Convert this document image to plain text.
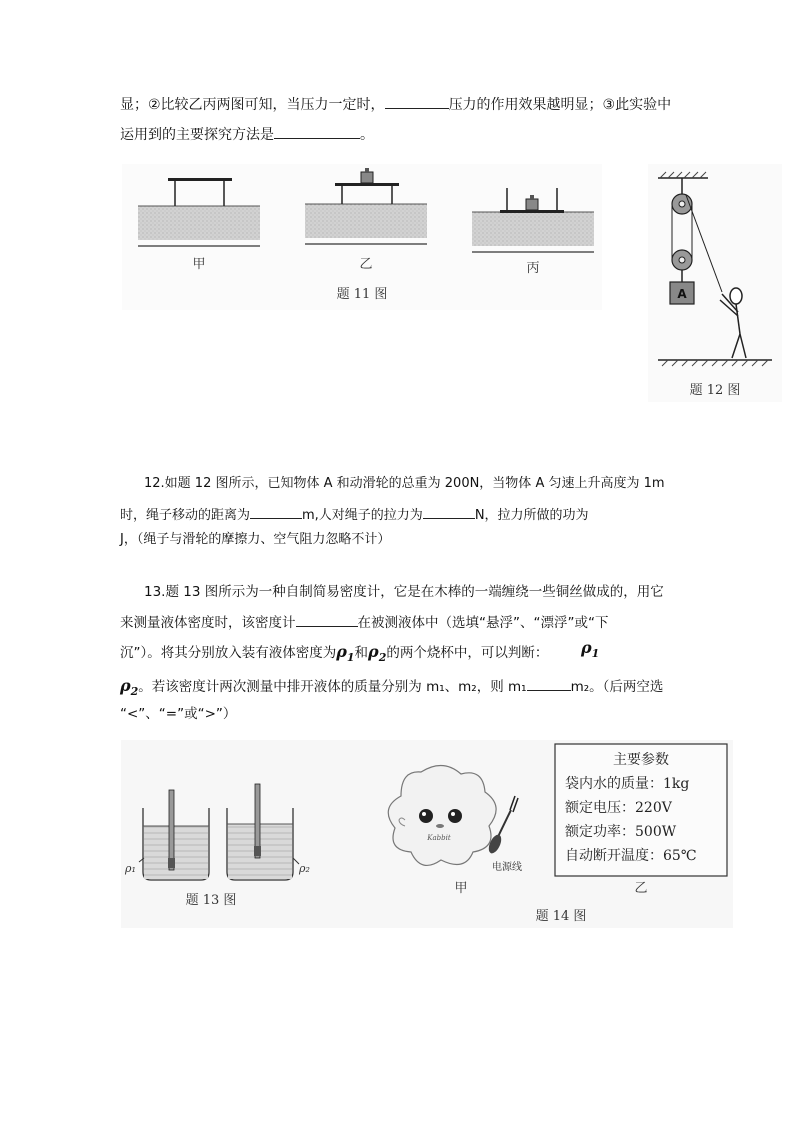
显；②比较乙丙两图可知，当压力一定时，	压力的作用效果越明显；③此实验中
运用到的主要探究方法是	。
甲	乙	丙
题 11 图	A
题 12 图
12.如题 12 图所示，已知物体 A 和动滑轮的总重为 200N，当物体 A 匀速上升高度为 1m
时，绳子移动的距离为	m,人对绳子的拉力为	N，拉力所做的功为
J，（绳子与滑轮的摩擦力、空气阻力忽略不计）
13.题 13 图所示为一种自制简易密度计，它是在木棒的一端缠绕一些铜丝做成的，用它
来测量液体密度时，该密度计	在被测液体中（选填“悬浮”、“漂浮”或“下
沉”）。将其分别放入装有液体密度为$\rho_1$和$\rho_2$的两个烧杯中，可以判断： $\rho_1$
$\rho_2$。若该密度计两次测量中排开液体的质量分别为 m₁、m₂，则 m₁	m₂。（后两空选
“<”、“=”或“>”）
ρ₁	ρ₂
题 13 图
Kabbit
电源线
甲
主要参数
袋内水的质量：1kg
额定电压：220V
额定功率：500W
自动断开温度：65℃
乙
题 14 图
